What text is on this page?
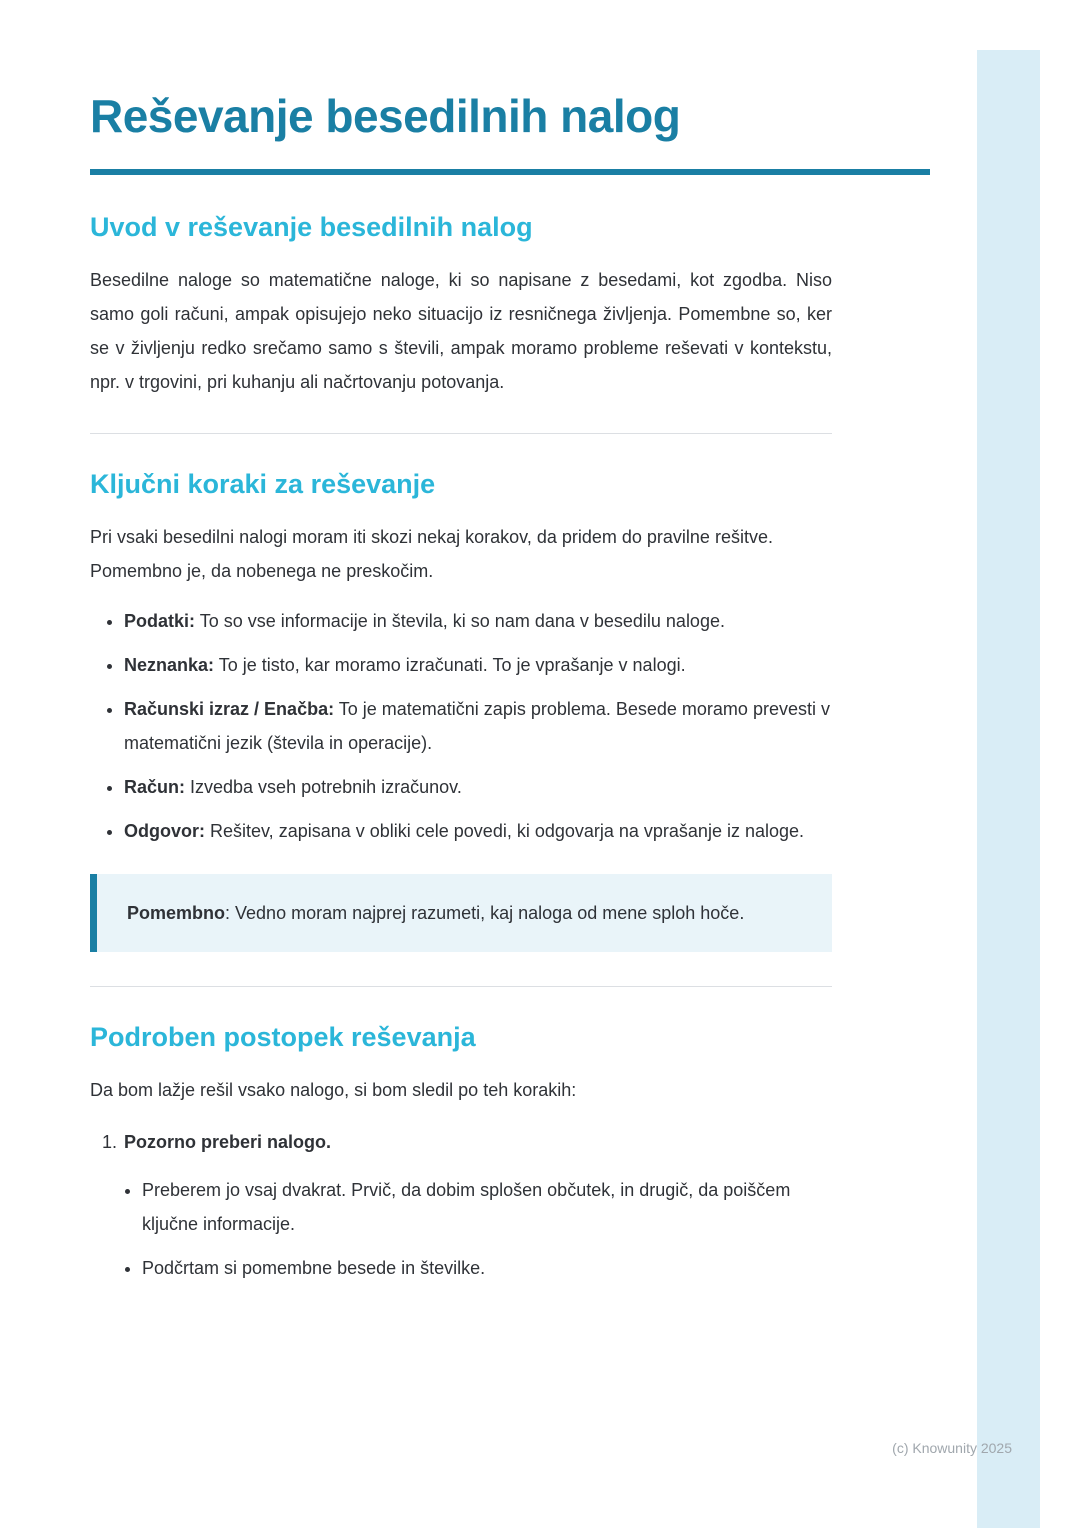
Reševanje besedilnih nalog
Uvod v reševanje besedilnih nalog

Besedilne naloge so matematične naloge, ki so napisane z besedami, kot zgodba. Niso samo goli računi, ampak opisujejo neko situacijo iz resničnega življenja. Pomembne so, ker se v življenju redko srečamo samo s števili, ampak moramo probleme reševati v kontekstu, npr. v trgovini, pri kuhanju ali načrtovanju potovanja.

Ključni koraki za reševanje

Pri vsaki besedilni nalogi moram iti skozi nekaj korakov, da pridem do pravilne rešitve. Pomembno je, da nobenega ne preskočim.

• Podatki: To so vse informacije in števila, ki so nam dana v besedilu naloge.
• Neznanka: To je tisto, kar moramo izračunati. To je vprašanje v nalogi.
• Računski izraz / Enačba: To je matematični zapis problema. Besede moramo prevesti v matematični jezik (števila in operacije).
• Račun: Izvedba vseh potrebnih izračunov.
• Odgovor: Rešitev, zapisana v obliki cele povedi, ki odgovarja na vprašanje iz naloge.

Pomembno: Vedno moram najprej razumeti, kaj naloga od mene sploh hoče.

Podroben postopek reševanja

Da bom lažje rešil vsako nalogo, si bom sledil po teh korakih:

1. Pozorno preberi nalogo.
• Preberem jo vsaj dvakrat. Prvič, da dobim splošen občutek, in drugič, da poiščem ključne informacije.
• Podčrtam si pomembne besede in številke.
(c) Knowunity 2025
